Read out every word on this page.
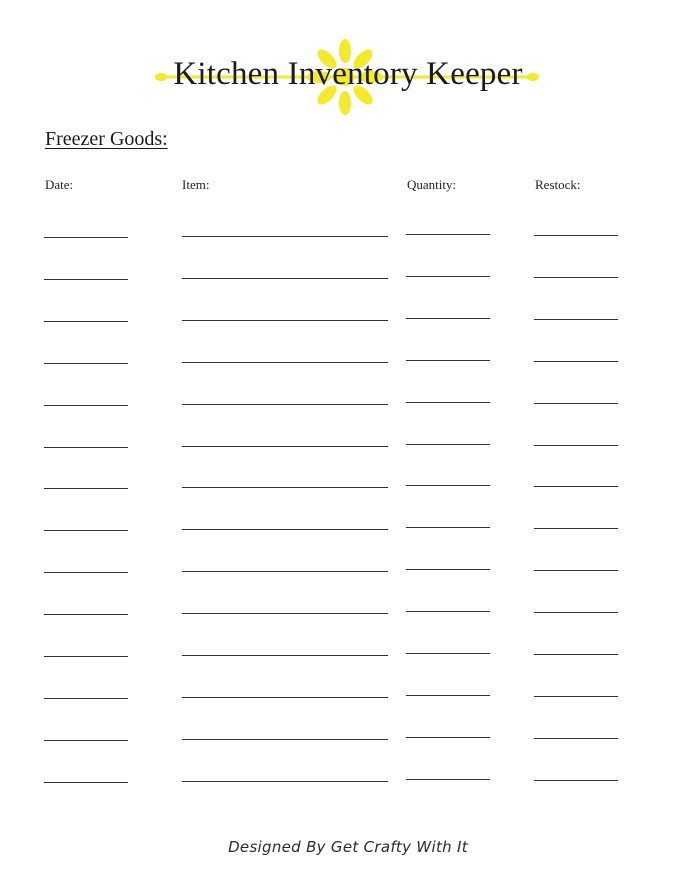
Kitchen Inventory Keeper
Freezer Goods:
Date:	Item:	Quantity:	Restock:
Designed By Get Crafty With It
